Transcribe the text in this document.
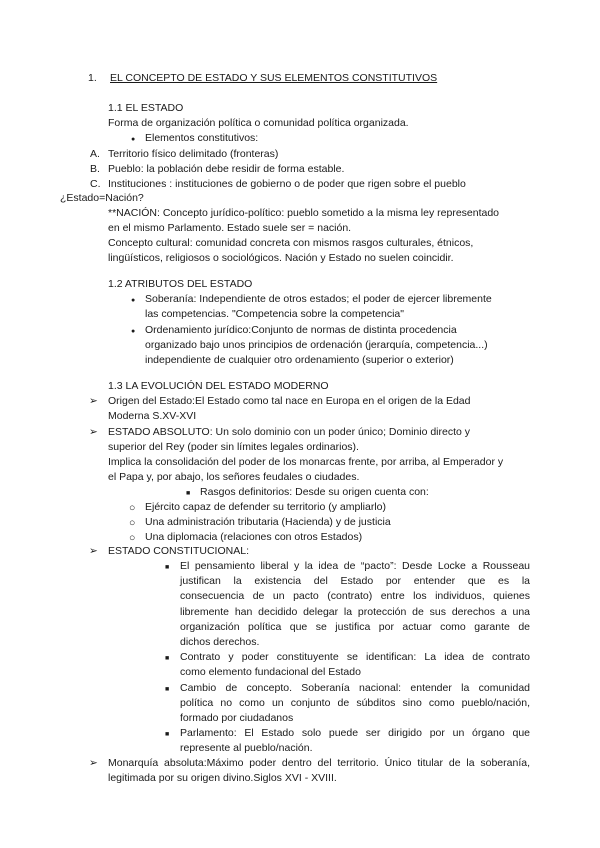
1. EL CONCEPTO DE ESTADO Y SUS ELEMENTOS CONSTITUTIVOS
1.1 EL ESTADO
Forma de organización política o comunidad política organizada.
● Elementos constitutivos:
A. Territorio físico delimitado (fronteras)
B. Pueblo: la población debe residir de forma estable.
C. Instituciones : instituciones de gobierno o de poder que rigen sobre el pueblo
¿Estado=Nación?
**NACIÓN: Concepto jurídico-político: pueblo sometido a la misma ley representado
en el mismo Parlamento. Estado suele ser = nación.
Concepto cultural: comunidad concreta con mismos rasgos culturales, étnicos,
lingüísticos, religiosos o sociológicos. Nación y Estado no suelen coincidir.
1.2 ATRIBUTOS DEL ESTADO
● Soberanía: Independiente de otros estados; el poder de ejercer libremente
las competencias. "Competencia sobre la competencia"
● Ordenamiento jurídico:Conjunto de normas de distinta procedencia
organizado bajo unos principios de ordenación (jerarquía, competencia...)
independiente de cualquier otro ordenamiento (superior o exterior)
1.3 LA EVOLUCIÓN DEL ESTADO MODERNO
➢ Origen del Estado:El Estado como tal nace en Europa en el origen de la Edad
Moderna S.XV-XVI
➢ ESTADO ABSOLUTO: Un solo dominio con un poder único; Dominio directo y
superior del Rey (poder sin límites legales ordinarios).
Implica la consolidación del poder de los monarcas frente, por arriba, al Emperador y
el Papa y, por abajo, los señores feudales o ciudades.
■ Rasgos definitorios: Desde su origen cuenta con:
○ Ejército capaz de defender su territorio (y ampliarlo)
○ Una administración tributaria (Hacienda) y de justicia
○ Una diplomacia (relaciones con otros Estados)
➢ ESTADO CONSTITUCIONAL:
■ El pensamiento liberal y la idea de “pacto”: Desde Locke a Rousseau
justifican la existencia del Estado por entender que es la
consecuencia de un pacto (contrato) entre los individuos, quienes
libremente han decidido delegar la protección de sus derechos a una
organización política que se justifica por actuar como garante de
dichos derechos.
■ Contrato y poder constituyente se identifican: La idea de contrato
como elemento fundacional del Estado
■ Cambio de concepto. Soberanía nacional: entender la comunidad
política no como un conjunto de súbditos sino como pueblo/nación,
formado por ciudadanos
■ Parlamento: El Estado solo puede ser dirigido por un órgano que
represente al pueblo/nación.
➢ Monarquía absoluta:Máximo poder dentro del territorio. Único titular de la soberanía,
legitimada por su origen divino.Siglos XVI - XVIII.
